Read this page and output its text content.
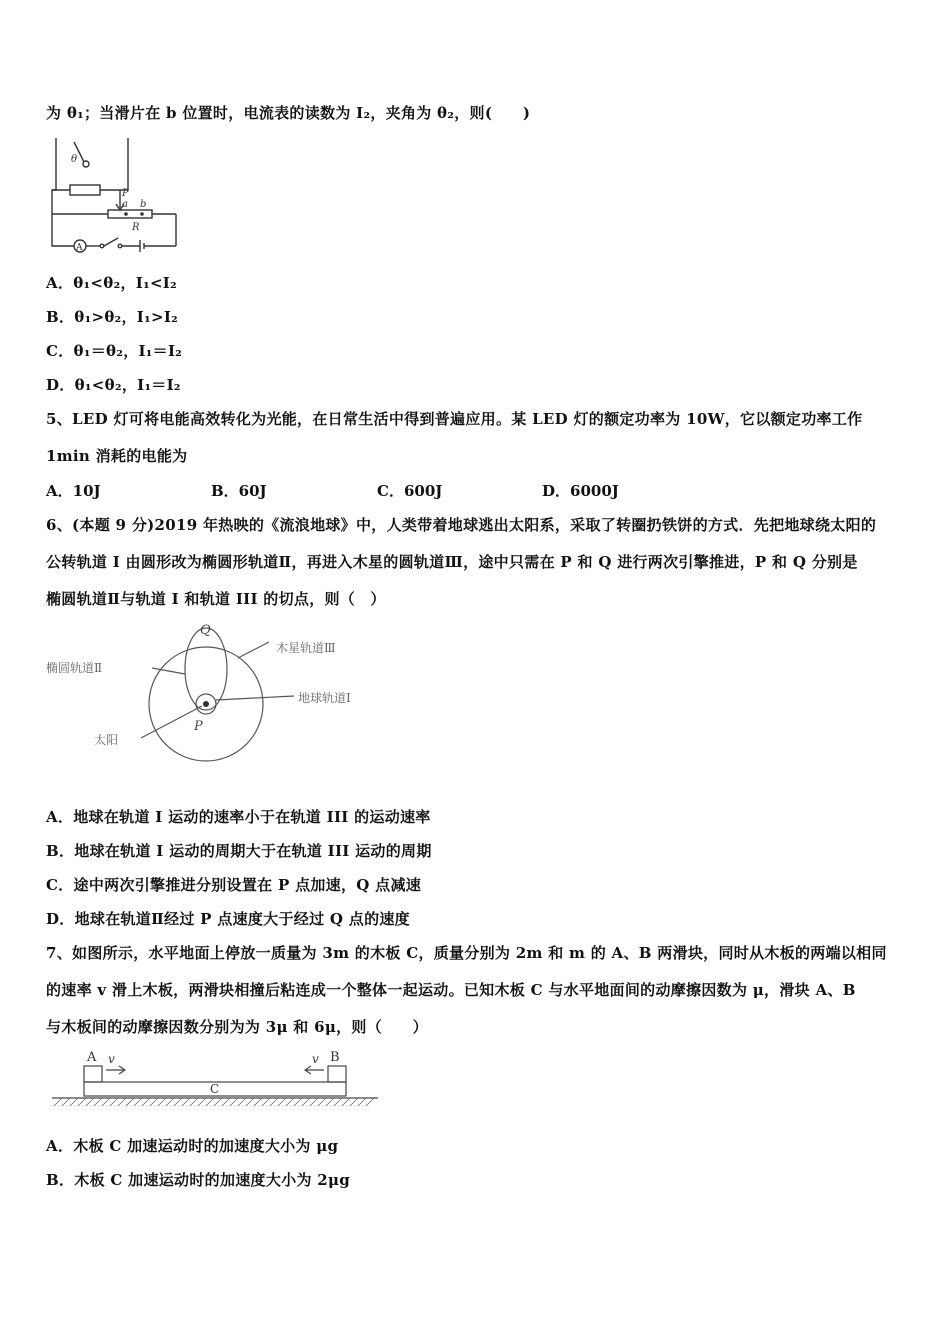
为 θ₁；当滑片在 b 位置时，电流表的读数为 I₂，夹角为 θ₂，则(　　)
θ
P
a b
R
A
A．θ₁<θ₂，I₁<I₂
B．θ₁>θ₂，I₁>I₂
C．θ₁＝θ₂，I₁＝I₂
D．θ₁<θ₂，I₁＝I₂
5、LED 灯可将电能高效转化为光能，在日常生活中得到普遍应用。某 LED 灯的额定功率为 10W，它以额定功率工作
1min 消耗的电能为
A．10J	B．60J	C．600J	D．6000J
6、(本题 9 分)2019 年热映的《流浪地球》中，人类带着地球逃出太阳系，采取了转圈扔铁饼的方式．先把地球绕太阳的
公转轨道 I 由圆形改为椭圆形轨道Ⅱ，再进入木星的圆轨道Ⅲ，途中只需在 P 和 Q 进行两次引擎推进，P 和 Q 分别是
椭圆轨道Ⅱ与轨道 I 和轨道 III 的切点，则（　）
Q
P
木星轨道Ⅲ
椭圆轨道Ⅱ
地球轨道Ⅰ
太阳
A．地球在轨道 I 运动的速率小于在轨道 III 的运动速率
B．地球在轨道 I 运动的周期大于在轨道 III 运动的周期
C．途中两次引擎推进分别设置在 P 点加速，Q 点减速
D．地球在轨道Ⅱ经过 P 点速度大于经过 Q 点的速度
7、如图所示，水平地面上停放一质量为 3m 的木板 C，质量分别为 2m 和 m 的 A、B 两滑块，同时从木板的两端以相同
的速率 v 滑上木板，两滑块相撞后粘连成一个整体一起运动。已知木板 C 与水平地面间的动摩擦因数为 μ，滑块 A、B
与木板间的动摩擦因数分别为为 3μ 和 6μ，则（　　）
A v	B
v
C
A．木板 C 加速运动时的加速度大小为 μg
B．木板 C 加速运动时的加速度大小为 2μg
